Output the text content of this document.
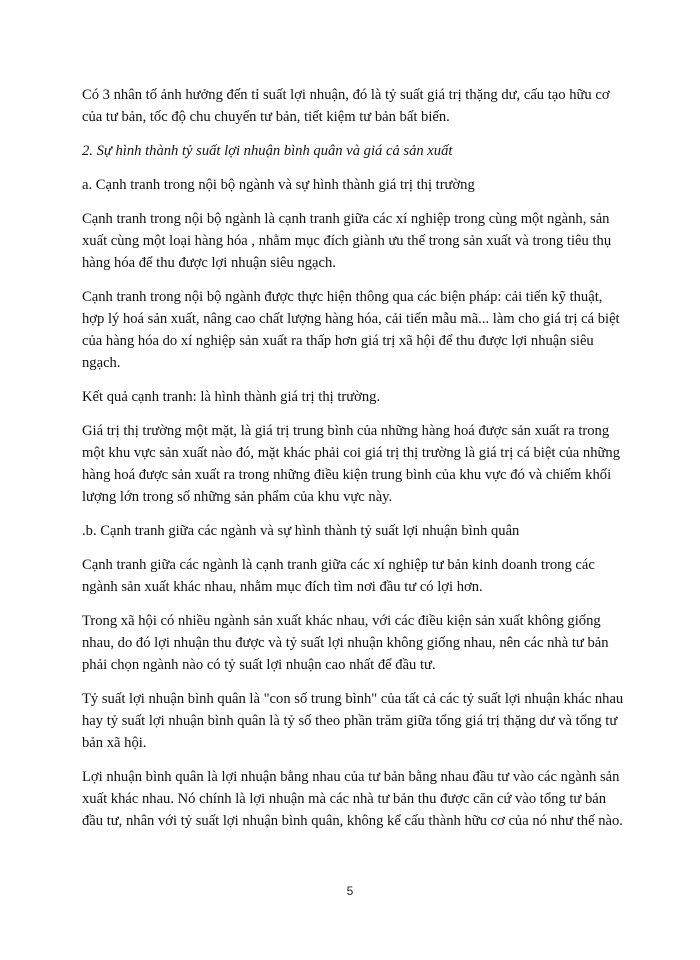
Có 3 nhân tố ảnh hưởng đến tỉ suất lợi nhuận, đó là tỷ suất giá trị thặng dư, cấu tạo hữu cơ của tư bản, tốc độ chu chuyển tư bản, tiết kiệm tư bản bất biến.

2. Sự hình thành tỷ suất lợi nhuận bình quân và giá cả sản xuất

a. Cạnh tranh trong nội bộ ngành và sự hình thành giá trị thị trường

Cạnh tranh trong nội bộ ngành là cạnh tranh giữa các xí nghiệp trong cùng một ngành, sản xuất cùng một loại hàng hóa , nhằm mục đích giành ưu thế trong sản xuất và trong tiêu thụ hàng hóa để thu được lợi nhuận siêu ngạch.

Cạnh tranh trong nội bộ ngành được thực hiện thông qua các biện pháp: cải tiến kỹ thuật, hợp lý hoá sản xuất, nâng cao chất lượng hàng hóa, cải tiến mẫu mã... làm cho giá trị cá biệt của hàng hóa do xí nghiệp sản xuất ra thấp hơn giá trị xã hội để thu được lợi nhuận siêu ngạch.

Kết quả cạnh tranh: là hình thành giá trị thị trường.

Giá trị thị trường một mặt, là giá trị trung bình của những hàng hoá được sản xuất ra trong một khu vực sản xuất nào đó, mặt khác phải coi giá trị thị trường là giá trị cá biệt của những hàng hoá được sản xuất ra trong những điều kiện trung bình của khu vực đó và chiếm khối lượng lớn trong số những sản phẩm của khu vực này.

.b. Cạnh tranh giữa các ngành và sự hình thành tỷ suất lợi nhuận bình quân

Cạnh tranh giữa các ngành là cạnh tranh giữa các xí nghiệp tư bản kinh doanh trong các ngành sản xuất khác nhau, nhằm mục đích tìm nơi đầu tư có lợi hơn.

Trong xã hội có nhiều ngành sản xuất khác nhau, với các điều kiện sản xuất không giống nhau, do đó lợi nhuận thu được và tỷ suất lợi nhuận không giống nhau, nên các nhà tư bản phải chọn ngành nào có tỷ suất lợi nhuận cao nhất để đầu tư.

Tỷ suất lợi nhuận bình quân là "con số trung bình" của tất cả các tỷ suất lợi nhuận khác nhau hay tỷ suất lợi nhuận bình quân là tỷ số theo phần trăm giữa tổng giá trị thặng dư và tổng tư bản xã hội.

Lợi nhuận bình quân là lợi nhuận bằng nhau của tư bản bằng nhau đầu tư vào các ngành sản xuất khác nhau. Nó chính là lợi nhuận mà các nhà tư bản thu được căn cứ vào tổng tư bản đầu tư, nhân với tỷ suất lợi nhuận bình quân, không kể cấu thành hữu cơ của nó như thế nào.

5
